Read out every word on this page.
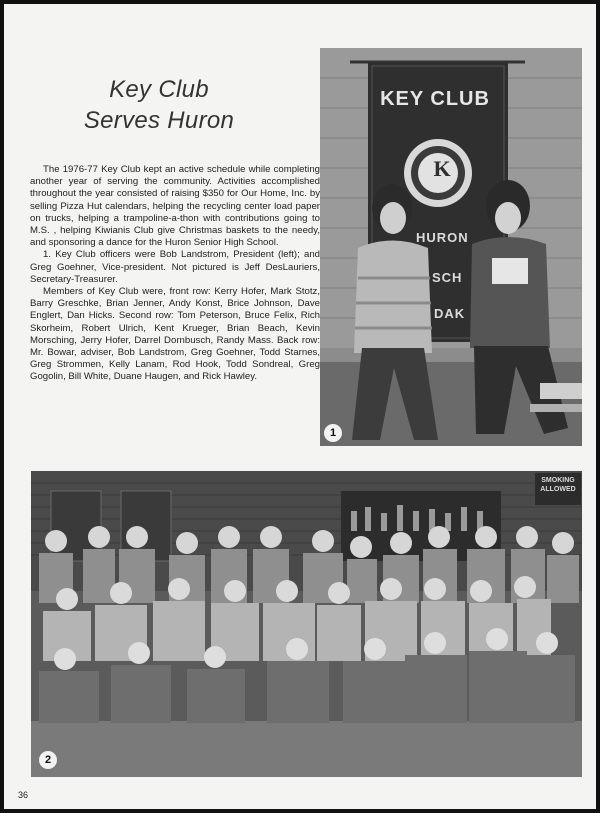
Key Club
Serves Huron

The 1976-77 Key Club kept an active schedule while completing another year of serving the community. Activities accomplished throughout the year consisted of raising $350 for Our Home, Inc. by selling Pizza Hut calendars, helping the recycling center load paper on trucks, helping a trampoline-a-thon with contributions going to M.S. , helping Kiwianis Club give Christmas baskets to the needy, and sponsoring a dance for the Huron Senior High School.

1. Key Club officers were Bob Landstrom, President (left); and Greg Goehner, Vice-president. Not pictured is Jeff DesLauriers, Secretary-Treasurer.

Members of Key Club were, front row: Kerry Hofer, Mark Stotz, Barry Greschke, Brian Jenner, Andy Konst, Brice Johnson, Dave Englert, Dan Hicks. Second row: Tom Peterson, Bruce Felix, Rich Skorheim, Robert Ulrich, Kent Krueger, Brian Beach, Kevin Morsching, Jerry Hofer, Darrel Dornbusch, Randy Mass. Back row: Mr. Bowar, adviser, Bob Landstrom, Greg Goehner, Todd Starnes, Greg Strommen, Kelly Lanam, Rod Hook, Todd Sondreal, Greg Gogolin, Bill White, Duane Haugen, and Rick Hawley.

KEY CLUB
HURON
SCH
DAK
1
K
SMOKING ALLOWED
2
36
